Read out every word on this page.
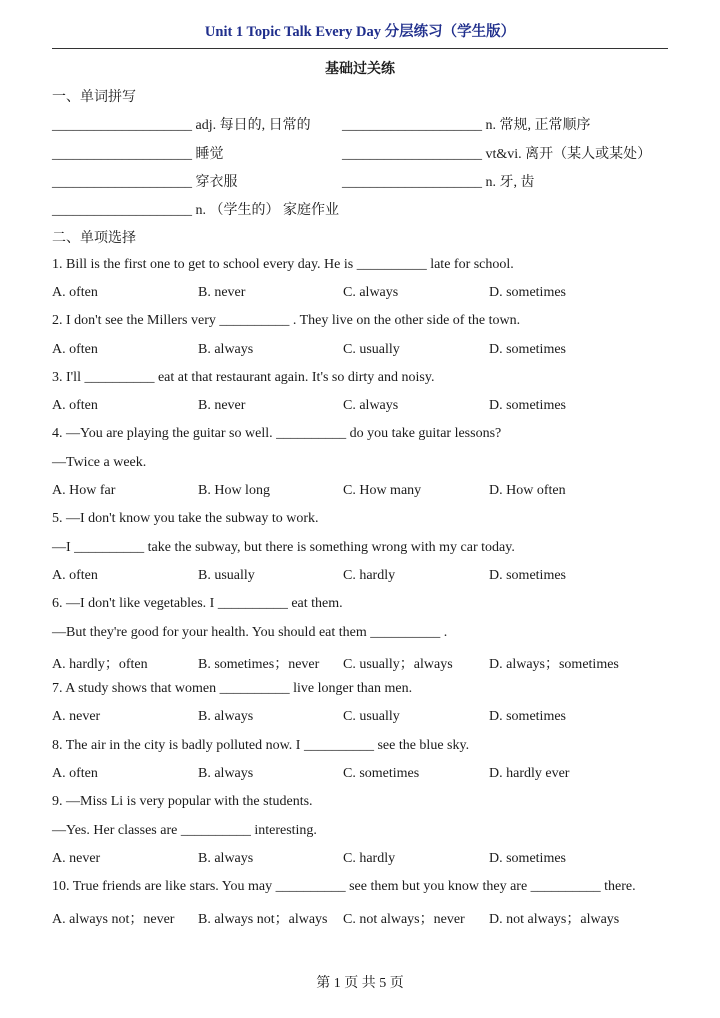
Unit 1 Topic Talk Every Day 分层练习（学生版）
基础过关练
一、单词拼写
____________________ adj. 每日的, 日常的 ____________________ n. 常规, 正常顺序
____________________ 睡觉	____________________ vt&vi. 离开（某人或某处）
____________________ 穿衣服	____________________ n. 牙, 齿
____________________ n. （学生的） 家庭作业
二、单项选择
1. Bill is the first one to get to school every day. He is __________ late for school.
A. often	B. never	C. always	D. sometimes
2. I don't see the Millers very __________ . They live on the other side of the town.
A. often	B. always	C. usually	D. sometimes
3. I'll __________ eat at that restaurant again. It's so dirty and noisy.
A. often	B. never	C. always	D. sometimes
4. —You are playing the guitar so well. __________ do you take guitar lessons?
—Twice a week.
A. How far	B. How long	C. How many	D. How often
5. —I don't know you take the subway to work.
—I __________ take the subway, but there is something wrong with my car today.
A. often	B. usually	C. hardly	D. sometimes
6. —I don't like vegetables. I __________ eat them.
—But they're good for your health. You should eat them __________ .
A. hardly；often	B. sometimes；never C. usually；always	D. always；sometimes
7. A study shows that women __________ live longer than men.
A. never	B. always	C. usually	D. sometimes
8. The air in the city is badly polluted now. I __________ see the blue sky.
A. often	B. always	C. sometimes	D. hardly ever
9. —Miss Li is very popular with the students.
—Yes. Her classes are __________ interesting.
A. never	B. always	C. hardly	D. sometimes
10. True friends are like stars. You may __________ see them but you know they are __________ there.
A. always not；never B. always not；always C. not always；never D. not always；always
第 1 页 共 5 页
